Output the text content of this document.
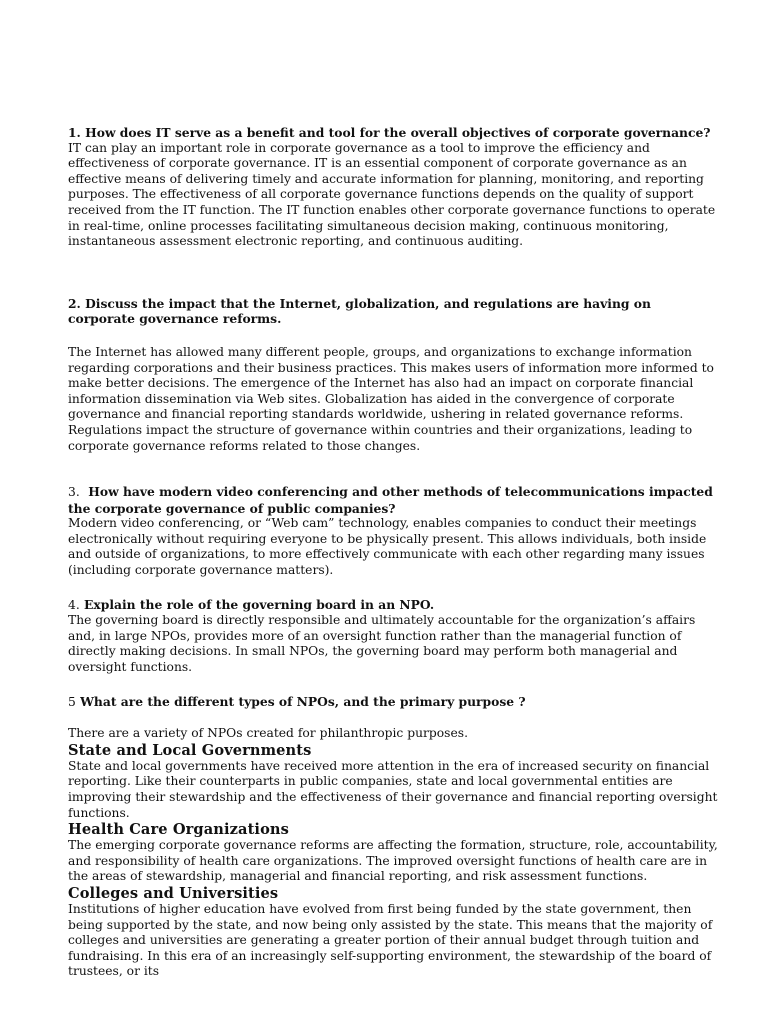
1. How does IT serve as a benefit and tool for the overall objectives of corporate governance?

IT can play an important role in corporate governance as a tool to improve the efficiency and effectiveness of corporate governance. IT is an essential component of corporate governance as an effective means of delivering timely and accurate information for planning, monitoring, and reporting purposes. The effectiveness of all corporate governance functions depends on the quality of support received from the IT function. The IT function enables other corporate governance functions to operate in real-time, online processes facilitating simultaneous decision making, continuous monitoring, instantaneous assessment electronic reporting, and continuous auditing.

2. Discuss the impact that the Internet, globalization, and regulations are having on corporate governance reforms.

The Internet has allowed many different people, groups, and organizations to exchange information regarding corporations and their business practices. This makes users of information more informed to make better decisions. The emergence of the Internet has also had an impact on corporate financial information dissemination via Web sites. Globalization has aided in the convergence of corporate governance and financial reporting standards worldwide, ushering in related governance reforms. Regulations impact the structure of governance within countries and their organizations, leading to corporate governance reforms related to those changes.

3. How have modern video conferencing and other methods of telecommunications impacted the corporate governance of public companies?

Modern video conferencing, or “Web cam” technology, enables companies to conduct their meetings electronically without requiring everyone to be physically present. This allows individuals, both inside and outside of organizations, to more effectively communicate with each other regarding many issues (including corporate governance matters).

4. Explain the role of the governing board in an NPO.

The governing board is directly responsible and ultimately accountable for the organization’s affairs and, in large NPOs, provides more of an oversight function rather than the managerial function of directly making decisions. In small NPOs, the governing board may perform both managerial and oversight functions.

5 What are the different types of NPOs, and the primary purpose ?

There are a variety of NPOs created for philanthropic purposes.

State and Local Governments

State and local governments have received more attention in the era of increased security on financial reporting. Like their counterparts in public companies, state and local governmental entities are improving their stewardship and the effectiveness of their governance and financial reporting oversight functions.

Health Care Organizations

The emerging corporate governance reforms are affecting the formation, structure, role, accountability, and responsibility of health care organizations. The improved oversight functions of health care are in the areas of stewardship, managerial and financial reporting, and risk assessment functions.

Colleges and Universities

Institutions of higher education have evolved from first being funded by the state government, then being supported by the state, and now being only assisted by the state. This means that the majority of colleges and universities are generating a greater portion of their annual budget through tuition and fundraising. In this era of an increasingly self-supporting environment, the stewardship of the board of trustees, or its
